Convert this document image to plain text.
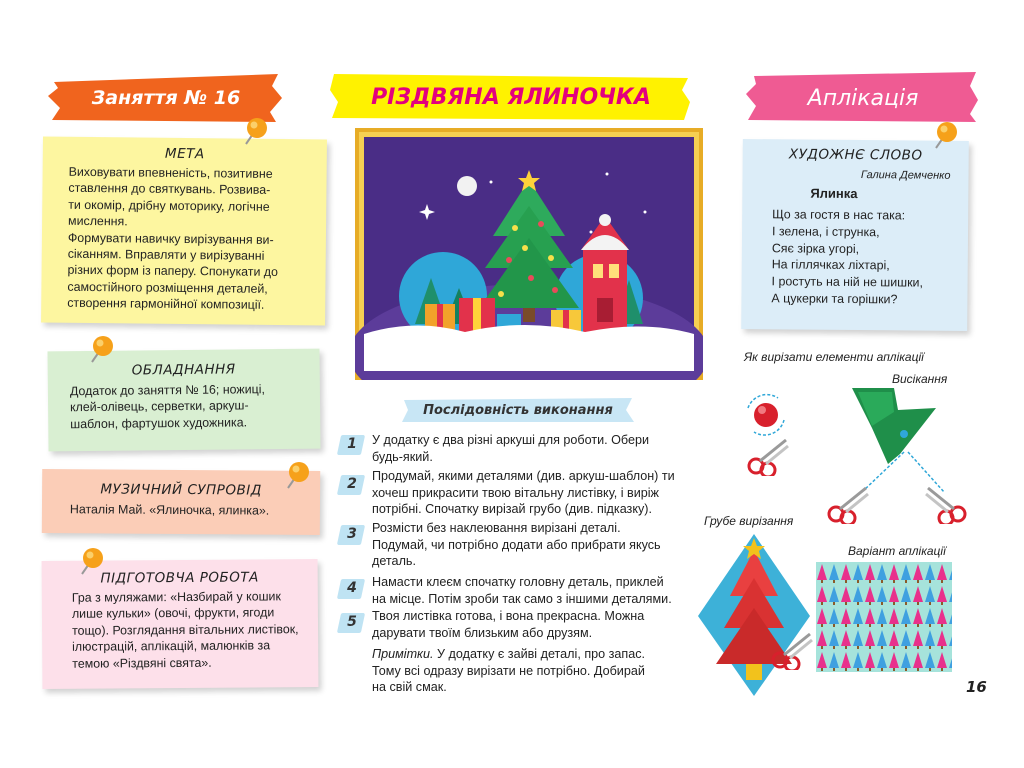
Заняття № 16	РІЗДВЯНА ЯЛИНОЧКА	Аплікація
МЕТА
Виховувати впевненість, позитивне
ставлення до святкувань. Розвива-
ти окомір, дрібну моторику, логічне
мислення.
Формувати навичку вирізування ви-
сіканням. Вправляти у вирізуванні
різних форм із паперу. Спонукати до
самостійного розміщення деталей,
створення гармонійної композиції.
ОБЛАДНАННЯ
Додаток до заняття № 16; ножиці,
клей-олівець, серветки, аркуш-
шаблон, фартушок художника.
МУЗИЧНИЙ СУПРОВІД
Наталія Май. «Ялиночка, ялинка».
ПІДГОТОВЧА РОБОТА
Гра з муляжами: «Назбирай у кошик
лише кульки» (овочі, фрукти, ягоди
тощо). Розглядання вітальних листівок,
ілюстрацій, аплікацій, малюнків за
темою «Різдвяні свята».
Послідовність виконання
1	У додатку є два різні аркуші для роботи. Обери
будь-який.
2	Продумай, якими деталями (див. аркуш-шаблон) ти
хочеш прикрасити твою вітальну листівку, і виріж
потрібні. Спочатку вирізай грубо (див. підказку).
3	Розмісти без наклеювання вирізані деталі.
Подумай, чи потрібно додати або прибрати якусь
деталь.
4	Намасти клеєм спочатку головну деталь, приклей
на місце. Потім зроби так само з іншими деталями.
5	Твоя листівка готова, і вона прекрасна. Можна
дарувати твоїм близьким або друзям.
Примітки. У додатку є зайві деталі, про запас.
Тому всі одразу вирізати не потрібно. Добирай
на свій смак.
ХУДОЖНЄ СЛОВО
Галина Демченко
Ялинка
Що за гостя в нас така:
І зелена, і струнка,
Сяє зірка угорі,
На гіллячках ліхтарі,
І ростуть на ній не шишки,
А цукерки та горішки?
Як вирізати елементи аплікації
Висікання
Грубе вирізання
Варіант аплікації
16
